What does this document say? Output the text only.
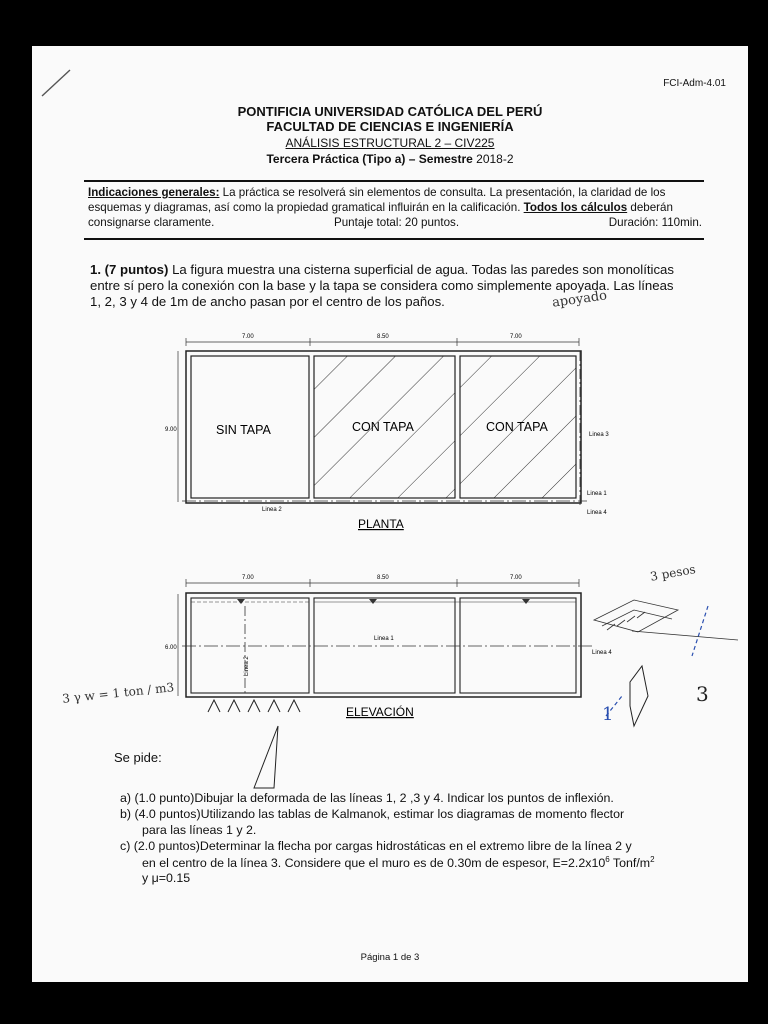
FCI-Adm-4.01
PONTIFICIA UNIVERSIDAD CATÓLICA DEL PERÚ
FACULTAD DE CIENCIAS E INGENIERÍA
ANÁLISIS ESTRUCTURAL 2 – CIV225
Tercera Práctica (Tipo a) – Semestre 2018-2
Indicaciones generales: La práctica se resolverá sin elementos de consulta. La presentación, la claridad de los
esquemas y diagramas, así como la propiedad gramatical influirán en la calificación. Todos los cálculos deberán
consignarse claramente.	Puntaje total: 20 puntos.	Duración: 110min.
1. (7 puntos) La figura muestra una cisterna superficial de agua. Todas las paredes son monolíticas
entre sí pero la conexión con la base y la tapa se considera como simplemente apoyada. Las líneas
1, 2, 3 y 4 de 1m de ancho pasan por el centro de los paños.
7.00	8.50	7.00
9.00	SIN TAPA	CON TAPA	CON TAPA
Linea 1
Linea 2
Linea 3
Linea 4
PLANTA
7.00	8.50	7.00
6.00
Linea 1
Linea 2
Linea 4
ELEVACIÓN
apoyado
3 pesos
3 γ w = 1 ton / m3	3
1
Se pide:
a) (1.0 punto)Dibujar la deformada de las líneas 1, 2 ,3 y 4. Indicar los puntos de inflexión.
b) (4.0 puntos)Utilizando las tablas de Kalmanok, estimar los diagramas de momento flector
para las líneas 1 y 2.
c) (2.0 puntos)Determinar la flecha por cargas hidrostáticas en el extremo libre de la línea 2 y
en el centro de la línea 3. Considere que el muro es de 0.30m de espesor, $E=2.2x10^6$ Tonf/$m^2$
y μ=0.15
Página 1 de 3
